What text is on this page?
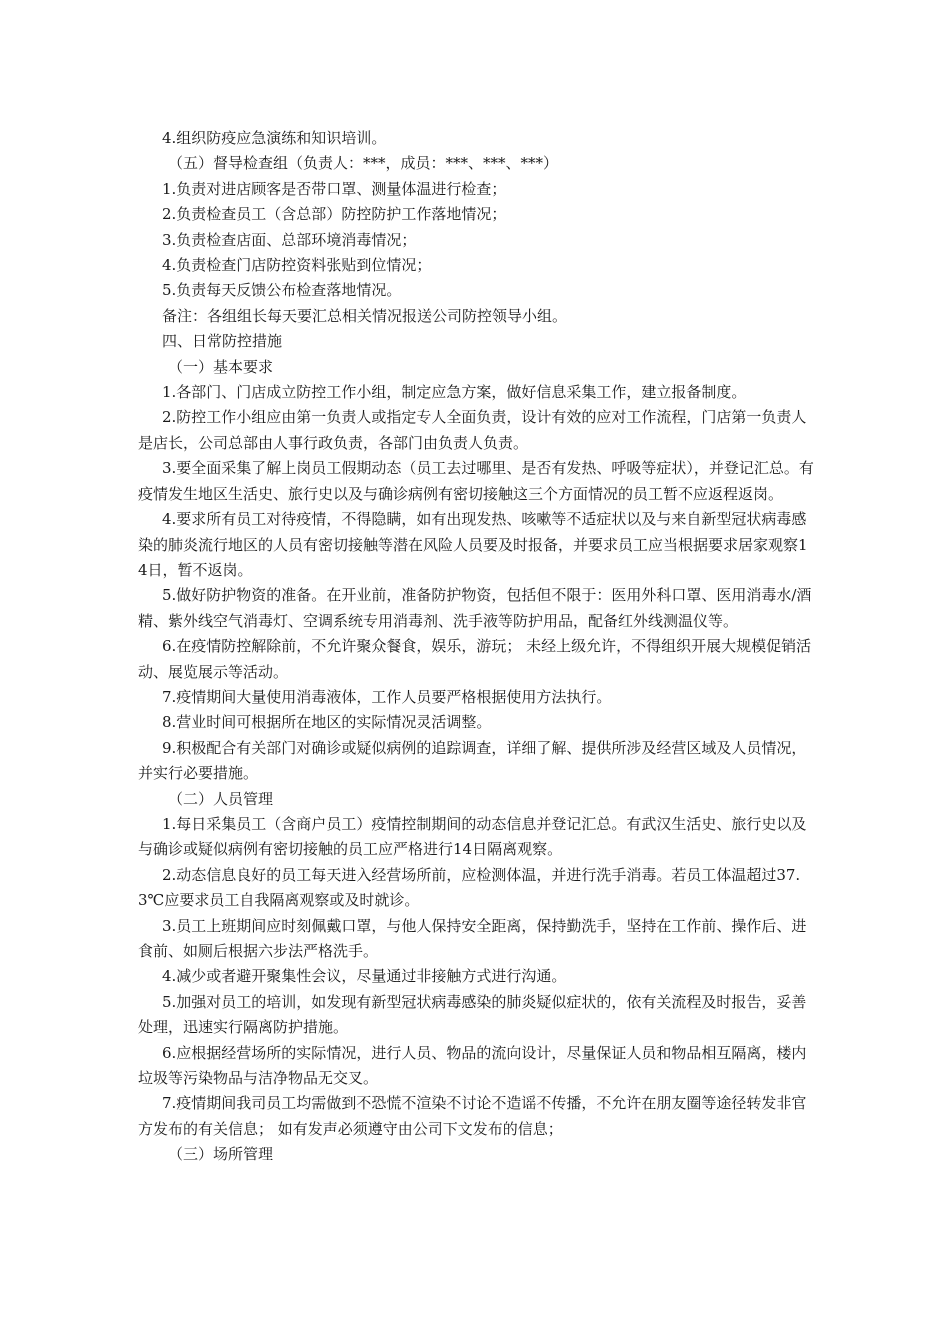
4.组织防疫应急演练和知识培训。

（五）督导检查组（负责人：***，成员：***、***、***）

1.负责对进店顾客是否带口罩、测量体温进行检查；

2.负责检查员工（含总部）防控防护工作落地情况；

3.负责检查店面、总部环境消毒情况；

4.负责检查门店防控资料张贴到位情况；

5.负责每天反馈公布检查落地情况。

备注：各组组长每天要汇总相关情况报送公司防控领导小组。

四、日常防控措施

（一）基本要求

1.各部门、门店成立防控工作小组，制定应急方案，做好信息采集工作，建立报备制度。

2.防控工作小组应由第一负责人或指定专人全面负责，设计有效的应对工作流程，门店第一负责人是店长，公司总部由人事行政负责，各部门由负责人负责。

3.要全面采集了解上岗员工假期动态（员工去过哪里、是否有发热、呼吸等症状），并登记汇总。有疫情发生地区生活史、旅行史以及与确诊病例有密切接触这三个方面情况的员工暂不应返程返岗。

4.要求所有员工对待疫情，不得隐瞒，如有出现发热、咳嗽等不适症状以及与来自新型冠状病毒感染的肺炎流行地区的人员有密切接触等潜在风险人员要及时报备，并要求员工应当根据要求居家观察14日，暂不返岗。

5.做好防护物资的准备。在开业前，准备防护物资，包括但不限于：医用外科口罩、医用消毒水/酒精、紫外线空气消毒灯、空调系统专用消毒剂、洗手液等防护用品，配备红外线测温仪等。

6.在疫情防控解除前，不允许聚众餐食，娱乐，游玩； 未经上级允许，不得组织开展大规模促销活动、展览展示等活动。

7.疫情期间大量使用消毒液体，工作人员要严格根据使用方法执行。

8.营业时间可根据所在地区的实际情况灵活调整。

9.积极配合有关部门对确诊或疑似病例的追踪调查，详细了解、提供所涉及经营区域及人员情况，并实行必要措施。

（二）人员管理

1.每日采集员工（含商户员工）疫情控制期间的动态信息并登记汇总。有武汉生活史、旅行史以及与确诊或疑似病例有密切接触的员工应严格进行14日隔离观察。

2.动态信息良好的员工每天进入经营场所前，应检测体温，并进行洗手消毒。若员工体温超过37.3℃应要求员工自我隔离观察或及时就诊。

3.员工上班期间应时刻佩戴口罩，与他人保持安全距离，保持勤洗手，坚持在工作前、操作后、进食前、如厕后根据六步法严格洗手。

4.减少或者避开聚集性会议，尽量通过非接触方式进行沟通。

5.加强对员工的培训，如发现有新型冠状病毒感染的肺炎疑似症状的，依有关流程及时报告，妥善处理，迅速实行隔离防护措施。

6.应根据经营场所的实际情况，进行人员、物品的流向设计，尽量保证人员和物品相互隔离，楼内垃圾等污染物品与洁净物品无交叉。

7.疫情期间我司员工均需做到不恐慌不渲染不讨论不造谣不传播，不允许在朋友圈等途径转发非官方发布的有关信息； 如有发声必须遵守由公司下文发布的信息；

（三）场所管理
